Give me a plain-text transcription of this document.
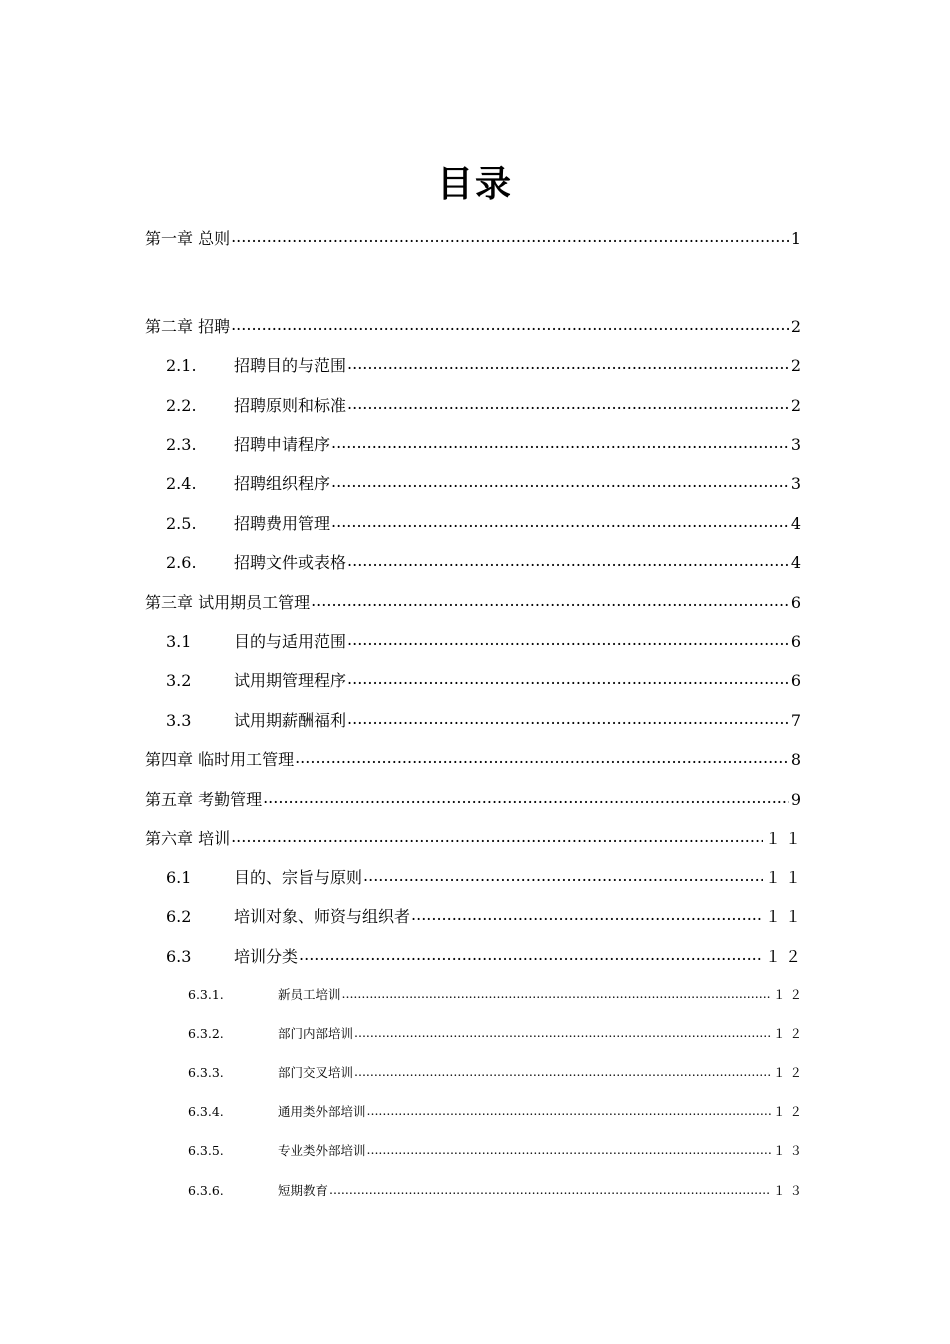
目录
第一章 总则 .....	1
第二章 招聘 .....	2
2.1.	招聘目的与范围 .....	2
2.2.	招聘原则和标准 .....	2
2.3.	招聘申请程序 .....	3
2.4.	招聘组织程序 .....	3
2.5.	招聘费用管理 .....	4
2.6.	招聘文件或表格 .....	4
第三章 试用期员工管理 .....	6
3.1	目的与适用范围 .....	6
3.2	试用期管理程序 .....	6
3.3	试用期薪酬福利 .....	7
第四章 临时用工管理 .....	8
第五章 考勤管理 .....	9
第六章 培训 .....	１１
6.1	目的、宗旨与原则 .....	１１
6.2	培训对象、师资与组织者 .....	１１
6.3	培训分类 .....	１２
6.3.1.	新员工培训 .....	１２
6.3.2.	部门内部培训 .....	１２
6.3.3.	部门交叉培训 .....	１２
6.3.4.	通用类外部培训 .....	１２
6.3.5.	专业类外部培训 .....	１３
6.3.6.	短期教育 .....	１３
